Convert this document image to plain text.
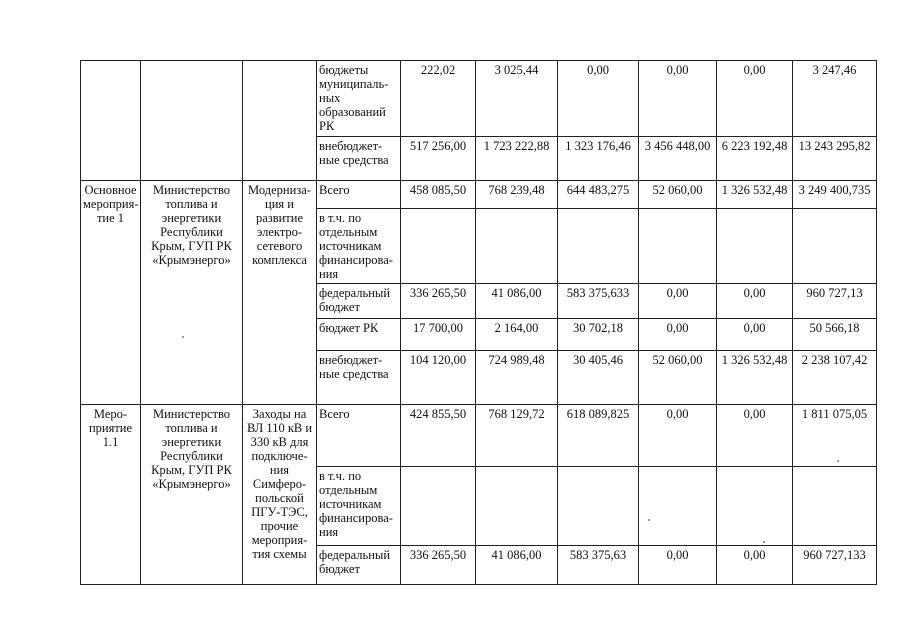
			бюджеты муниципаль-ных образований РК	222,02	3 025,44	0,00	0,00	0,00	3 247,46
			внебюджет-ные средства	517 256,00	1 723 222,88	1 323 176,46	3 456 448,00	6 223 192,48	13 243 295,82
Основное мероприя-тие 1	Министерство топлива и энергетики Республики Крым, ГУП РК «Крымэнерго»	Модерниза-ция и развитие электро-сетевого комплекса	Всего	458 085,50	768 239,48	644 483,275	52 060,00	1 326 532,48	3 249 400,735
			в т.ч. по отдельным источникам финансирова-ния						
			федеральный бюджет	336 265,50	41 086,00	583 375,633	0,00	0,00	960 727,13
			бюджет РК	17 700,00	2 164,00	30 702,18	0,00	0,00	50 566,18
			внебюджет-ные средства	104 120,00	724 989,48	30 405,46	52 060,00	1 326 532,48	2 238 107,42
Меро-приятие 1.1	Министерство топлива и энергетики Республики Крым, ГУП РК «Крымэнерго»	Заходы на ВЛ 110 кВ и 330 кВ для подключе-ния Симферо-польской ПГУ-ТЭС, прочие мероприя-тия схемы	Всего	424 855,50	768 129,72	618 089,825	0,00	0,00	1 811 075,05
			в т.ч. по отдельным источникам финансирова-ния						
			федеральный бюджет	336 265,50	41 086,00	583 375,63	0,00	0,00	960 727,133
